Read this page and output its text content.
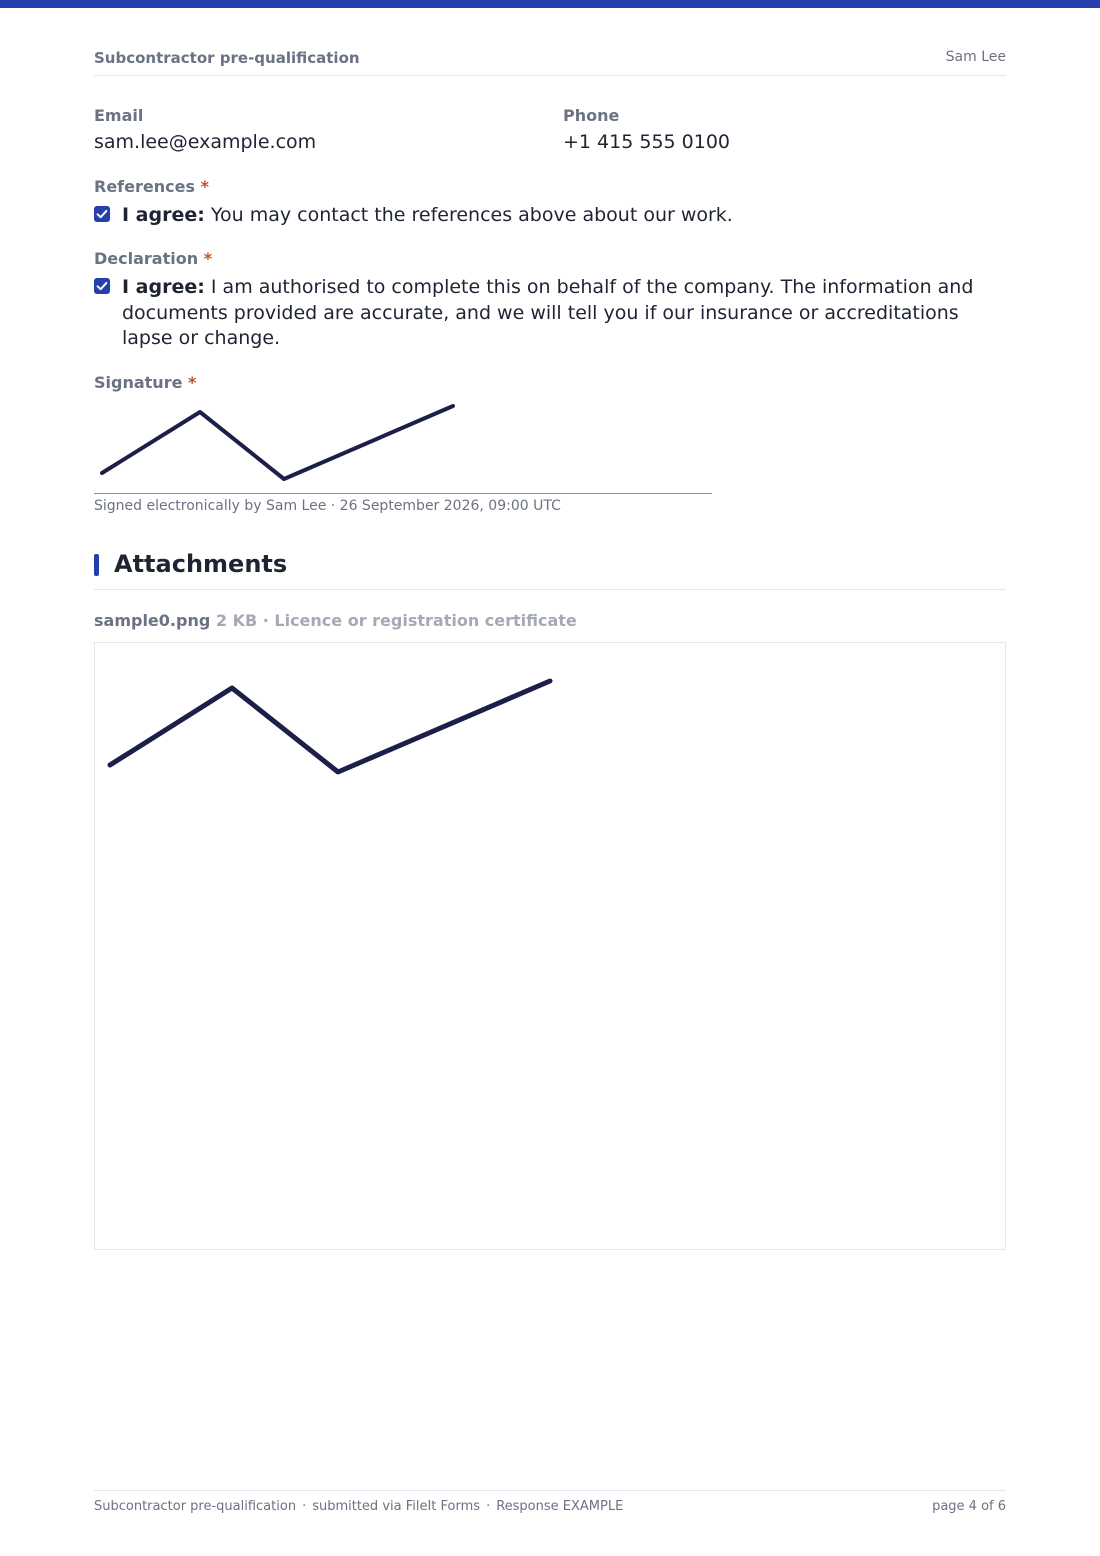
Subcontractor pre-qualification	Sam Lee
Email
sam.lee@example.com
Phone
+1 415 555 0100
References *
I agree: You may contact the references above about our work.
Declaration *
I agree: I am authorised to complete this on behalf of the company. The information and documents provided are accurate, and we will tell you if our insurance or accreditations lapse or change.
Signature *
Signed electronically by Sam Lee · 26 September 2026, 09:00 UTC
Attachments
sample0.png 2 KB · Licence or registration certificate
Subcontractor pre-qualification · submitted via FileIt Forms · Response EXAMPLE	page 4 of 6
